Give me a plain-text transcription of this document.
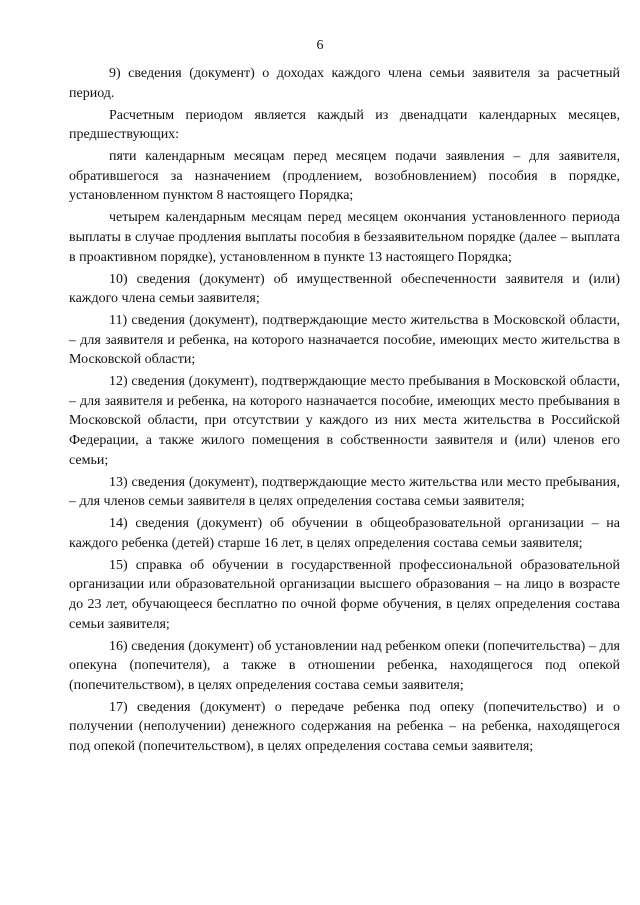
6

9) сведения (документ) о доходах каждого члена семьи заявителя за расчетный период.

Расчетным периодом является каждый из двенадцати календарных месяцев, предшествующих:

пяти календарным месяцам перед месяцем подачи заявления – для заявителя, обратившегося за назначением (продлением, возобновлением) пособия в порядке, установленном пунктом 8 настоящего Порядка;

четырем календарным месяцам перед месяцем окончания установленного периода выплаты в случае продления выплаты пособия в беззаявительном порядке (далее – выплата в проактивном порядке), установленном в пункте 13 настоящего Порядка;

10) сведения (документ) об имущественной обеспеченности заявителя и (или) каждого члена семьи заявителя;

11) сведения (документ), подтверждающие место жительства в Московской области, – для заявителя и ребенка, на которого назначается пособие, имеющих место жительства в Московской области;

12) сведения (документ), подтверждающие место пребывания в Московской области, – для заявителя и ребенка, на которого назначается пособие, имеющих место пребывания в Московской области, при отсутствии у каждого из них места жительства в Российской Федерации, а также жилого помещения в собственности заявителя и (или) членов его семьи;

13) сведения (документ), подтверждающие место жительства или место пребывания, – для членов семьи заявителя в целях определения состава семьи заявителя;

14) сведения (документ) об обучении в общеобразовательной организации – на каждого ребенка (детей) старше 16 лет, в целях определения состава семьи заявителя;

15) справка об обучении в государственной профессиональной образовательной организации или образовательной организации высшего образования – на лицо в возрасте до 23 лет, обучающееся бесплатно по очной форме обучения, в целях определения состава семьи заявителя;

16) сведения (документ) об установлении над ребенком опеки (попечительства) – для опекуна (попечителя), а также в отношении ребенка, находящегося под опекой (попечительством), в целях определения состава семьи заявителя;

17) сведения (документ) о передаче ребенка под опеку (попечительство) и о получении (неполучении) денежного содержания на ребенка – на ребенка, находящегося под опекой (попечительством), в целях определения состава семьи заявителя;
